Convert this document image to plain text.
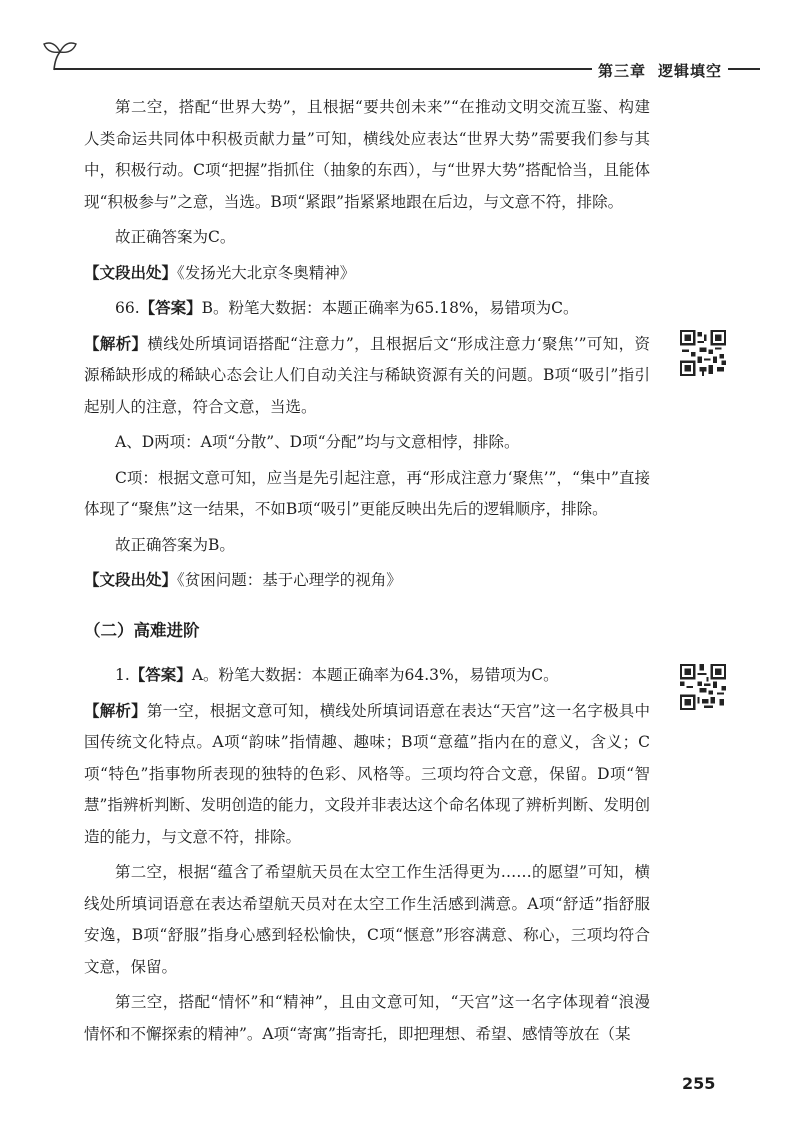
第三章 逻辑填空

第二空，搭配“世界大势”，且根据“要共创未来”“在推动文明交流互鉴、构建人类命运共同体中积极贡献力量”可知，横线处应表达“世界大势”需要我们参与其中，积极行动。C项“把握”指抓住（抽象的东西），与“世界大势”搭配恰当，且能体现“积极参与”之意，当选。B项“紧跟”指紧紧地跟在后边，与文意不符，排除。

故正确答案为C。

【文段出处】《发扬光大北京冬奥精神》

66.【答案】B。粉笔大数据：本题正确率为65.18%，易错项为C。

【解析】横线处所填词语搭配“注意力”，且根据后文“形成注意力‘聚焦’”可知，资源稀缺形成的稀缺心态会让人们自动关注与稀缺资源有关的问题。B项“吸引”指引起别人的注意，符合文意，当选。

A、D两项：A项“分散”、D项“分配”均与文意相悖，排除。

C项：根据文意可知，应当是先引起注意，再“形成注意力‘聚焦’”，“集中”直接体现了“聚焦”这一结果，不如B项“吸引”更能反映出先后的逻辑顺序，排除。

故正确答案为B。

【文段出处】《贫困问题：基于心理学的视角》

（二）高难进阶

1.【答案】A。粉笔大数据：本题正确率为64.3%，易错项为C。

【解析】第一空，根据文意可知，横线处所填词语意在表达“天宫”这一名字极具中国传统文化特点。A项“韵味”指情趣、趣味；B项“意蕴”指内在的意义，含义；C项“特色”指事物所表现的独特的色彩、风格等。三项均符合文意，保留。D项“智慧”指辨析判断、发明创造的能力，文段并非表达这个命名体现了辨析判断、发明创造的能力，与文意不符，排除。

第二空，根据“蕴含了希望航天员在太空工作生活得更为……的愿望”可知，横线处所填词语意在表达希望航天员对在太空工作生活感到满意。A项“舒适”指舒服安逸，B项“舒服”指身心感到轻松愉快，C项“惬意”形容满意、称心，三项均符合文意，保留。

第三空，搭配“情怀”和“精神”，且由文意可知，“天宫”这一名字体现着“浪漫情怀和不懈探索的精神”。A项“寄寓”指寄托，即把理想、希望、感情等放在（某

255
